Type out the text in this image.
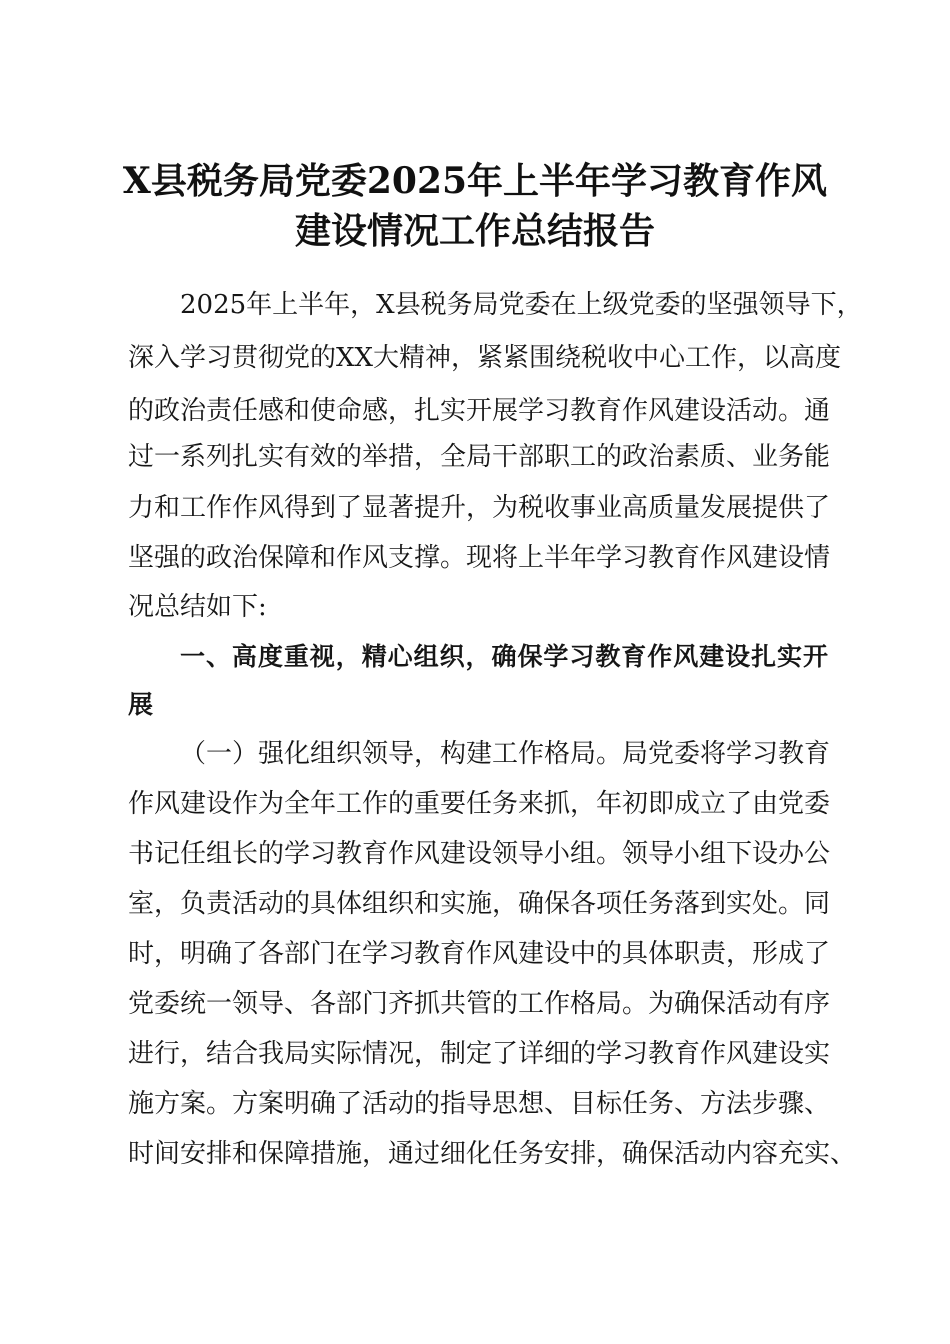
X县税务局党委2025年上半年学习教育作风
建设情况工作总结报告
2025年上半年，X县税务局党委在上级党委的坚强领导下，
深入学习贯彻党的XX大精神，紧紧围绕税收中心工作，以高度
的政治责任感和使命感，扎实开展学习教育作风建设活动。通
过一系列扎实有效的举措，全局干部职工的政治素质、业务能
力和工作作风得到了显著提升，为税收事业高质量发展提供了
坚强的政治保障和作风支撑。现将上半年学习教育作风建设情
况总结如下:
一、高度重视，精心组织，确保学习教育作风建设扎实开
展
（一）强化组织领导，构建工作格局。局党委将学习教育
作风建设作为全年工作的重要任务来抓，年初即成立了由党委
书记任组长的学习教育作风建设领导小组。领导小组下设办公
室，负责活动的具体组织和实施，确保各项任务落到实处。同
时，明确了各部门在学习教育作风建设中的具体职责，形成了
党委统一领导、各部门齐抓共管的工作格局。为确保活动有序
进行，结合我局实际情况，制定了详细的学习教育作风建设实
施方案。方案明确了活动的指导思想、目标任务、方法步骤、
时间安排和保障措施，通过细化任务安排，确保活动内容充实、
